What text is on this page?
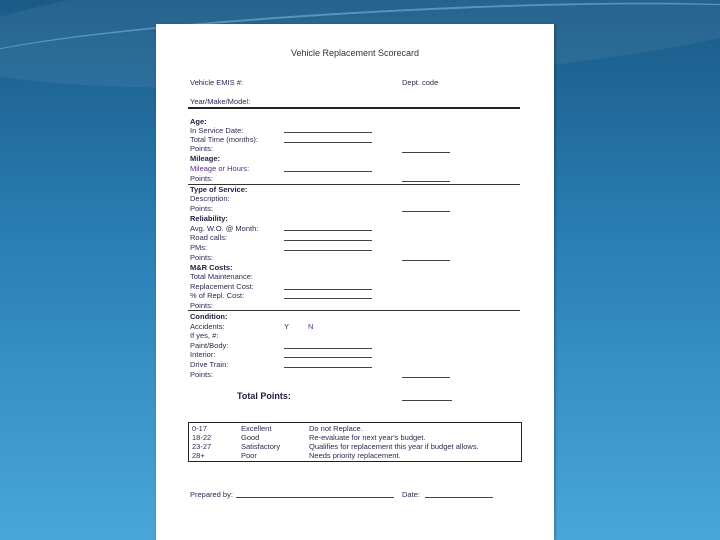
Vehicle Replacement Scorecard
Vehicle EMIS #:	Dept. code
Year/Make/Model:
Age:
In Service Date:
Total Time (months):
Points:
Mileage:
Mileage or Hours:
Points:
Type of Service:
Description:
Points:
Reliability:
Avg. W.O. @ Month:
Road calls:
PMs:
Points:
M&R Costs:
Total Maintenance:
Replacement Cost:
% of Repl. Cost:
Points:
Condition:
Accidents:	Y	N
If yes, #:
Paint/Body:
Interior:
Drive Train:
Points:
Total Points:
0-17	Excellent	Do not Replace.
18-22	Good	Re-evaluate for next year's budget.
23-27	Satisfactory	Qualifies for replacement this year if budget allows.
28+	Poor	Needs priority replacement.
Prepared by:	Date:
